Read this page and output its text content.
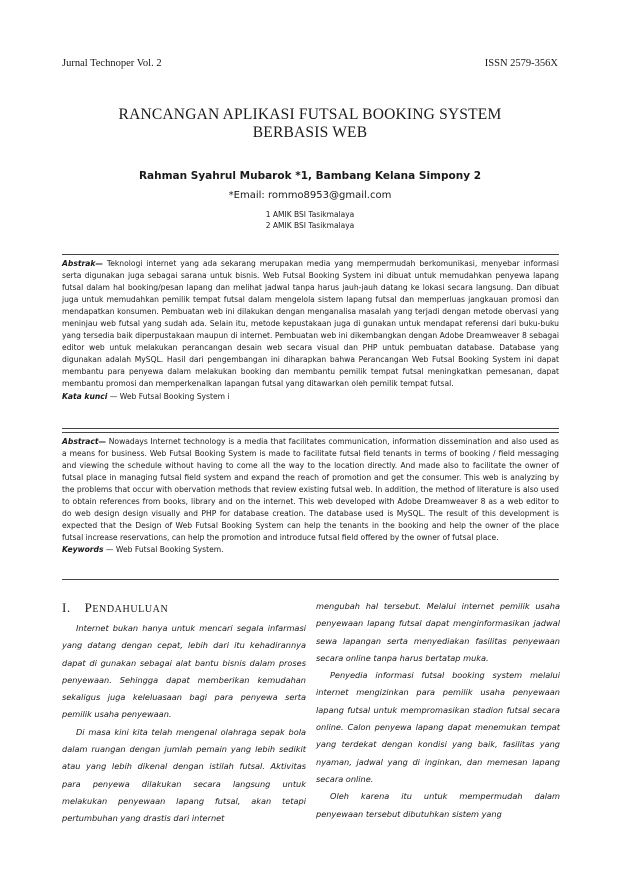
Jurnal Technoper Vol. 2	ISSN 2579-356X
RANCANGAN APLIKASI FUTSAL BOOKING SYSTEM
BERBASIS WEB
Rahman Syahrul Mubarok *1, Bambang Kelana Simpony 2
*Email: rommo8953@gmail.com
1 AMIK BSI Tasikmalaya
2 AMIK BSI Tasikmalaya

Abstrak— Teknologi internet yang ada sekarang merupakan media yang mempermudah berkomunikasi, menyebar informasi serta digunakan juga sebagai sarana untuk bisnis. Web Futsal Booking System ini dibuat untuk memudahkan penyewa lapang futsal dalam hal booking/pesan lapang dan melihat jadwal tanpa harus jauh-jauh datang ke lokasi secara langsung. Dan dibuat juga untuk memudahkan pemilik tempat futsal dalam mengelola sistem lapang futsal dan memperluas jangkauan promosi dan mendapatkan konsumen. Pembuatan web ini dilakukan dengan menganalisa masalah yang terjadi dengan metode obervasi yang meninjau web futsal yang sudah ada. Selain itu, metode kepustakaan juga di gunakan untuk mendapat referensi dari buku-buku yang tersedia baik diperpustakaan maupun di internet. Pembuatan web ini dikembangkan dengan Adobe Dreamweaver 8 sebagai editor web untuk melakukan perancangan desain web secara visual dan PHP untuk pembuatan database. Database yang digunakan adalah MySQL. Hasil dari pengembangan ini diharapkan bahwa Perancangan Web Futsal Booking System ini dapat membantu para penyewa dalam melakukan booking dan membantu pemilik tempat futsal meningkatkan pemesanan, dapat membantu promosi dan memperkenalkan lapangan futsal yang ditawarkan oleh pemilik tempat futsal.

Kata kunci — Web Futsal Booking System i

Abstract— Nowadays Internet technology is a media that facilitates communication, information dissemination and also used as a means for business. Web Futsal Booking System is made to facilitate futsal field tenants in terms of booking / field messaging and viewing the schedule without having to come all the way to the location directly. And made also to facilitate the owner of futsal place in managing futsal field system and expand the reach of promotion and get the consumer. This web is analyzing by the problems that occur with obervation methods that review existing futsal web. In addition, the method of literature is also used to obtain references from books, library and on the internet. This web developed with Adobe Dreamweaver 8 as a web editor to do web design design visually and PHP for database creation. The database used is MySQL. The result of this development is expected that the Design of Web Futsal Booking System can help the tenants in the booking and help the owner of the place futsal increase reservations, can help the promotion and introduce futsal field offered by the owner of futsal place.

Keywords — Web Futsal Booking System.

I. PENDAHULUAN

Internet bukan hanya untuk mencari segala infarmasi yang datang dengan cepat, lebih dari itu kehadirannya dapat di gunakan sebagai alat bantu bisnis dalam proses penyewaan. Sehingga dapat memberikan kemudahan sekaligus juga keleluasaan bagi para penyewa serta pemilik usaha penyewaan.

Di masa kini kita telah mengenal olahraga sepak bola dalam ruangan dengan jumlah pemain yang lebih sedikit atau yang lebih dikenal dengan istilah futsal. Aktivitas para penyewa dilakukan secara langsung untuk melakukan penyewaan lapang futsal, akan tetapi pertumbuhan yang drastis dari internet

mengubah hal tersebut. Melalui internet pemilik usaha penyewaan lapang futsal dapat menginformasikan jadwal sewa lapangan serta menyediakan fasilitas penyewaan secara online tanpa harus bertatap muka.

Penyedia informasi futsal booking system melalui internet mengizinkan para pemilik usaha penyewaan lapang futsal untuk mempromasikan stadion futsal secara online. Calon penyewa lapang dapat menemukan tempat yang terdekat dengan kondisi yang baik, fasilitas yang nyaman, jadwal yang di inginkan, dan memesan lapang secara online.

Oleh karena itu untuk mempermudah dalam penyewaan tersebut dibutuhkan sistem yang
